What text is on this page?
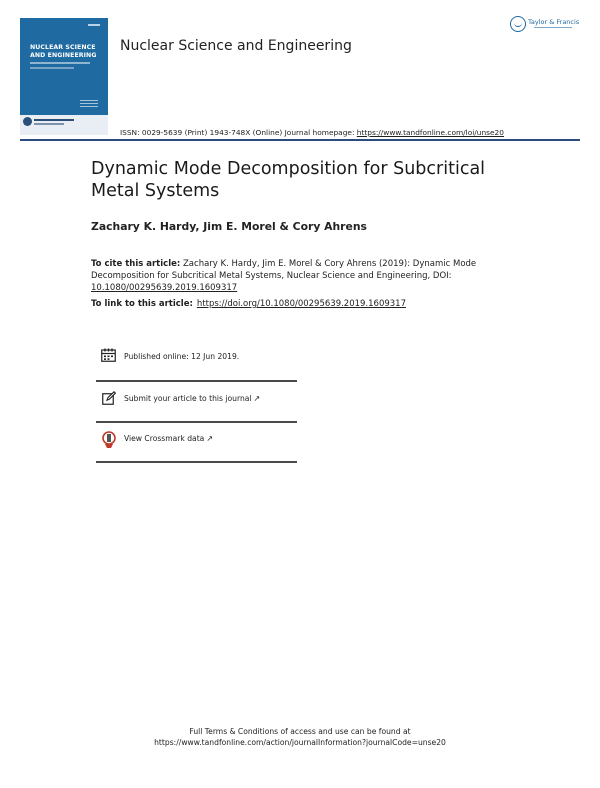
NUCLEAR SCIENCE
AND ENGINEERING
Nuclear Science and Engineering
Taylor & Francis
ISSN: 0029-5639 (Print) 1943-748X (Online) Journal homepage: https://www.tandfonline.com/loi/unse20
Dynamic Mode Decomposition for Subcritical Metal Systems
Zachary K. Hardy, Jim E. Morel & Cory Ahrens
To cite this article: Zachary K. Hardy, Jim E. Morel & Cory Ahrens (2019): Dynamic Mode Decomposition for Subcritical Metal Systems, Nuclear Science and Engineering, DOI: 10.1080/00295639.2019.1609317
To link to this article: https://doi.org/10.1080/00295639.2019.1609317
Published online: 12 Jun 2019.
Submit your article to this journal ↗
View Crossmark data ↗
Full Terms & Conditions of access and use can be found at
https://www.tandfonline.com/action/journalInformation?journalCode=unse20
